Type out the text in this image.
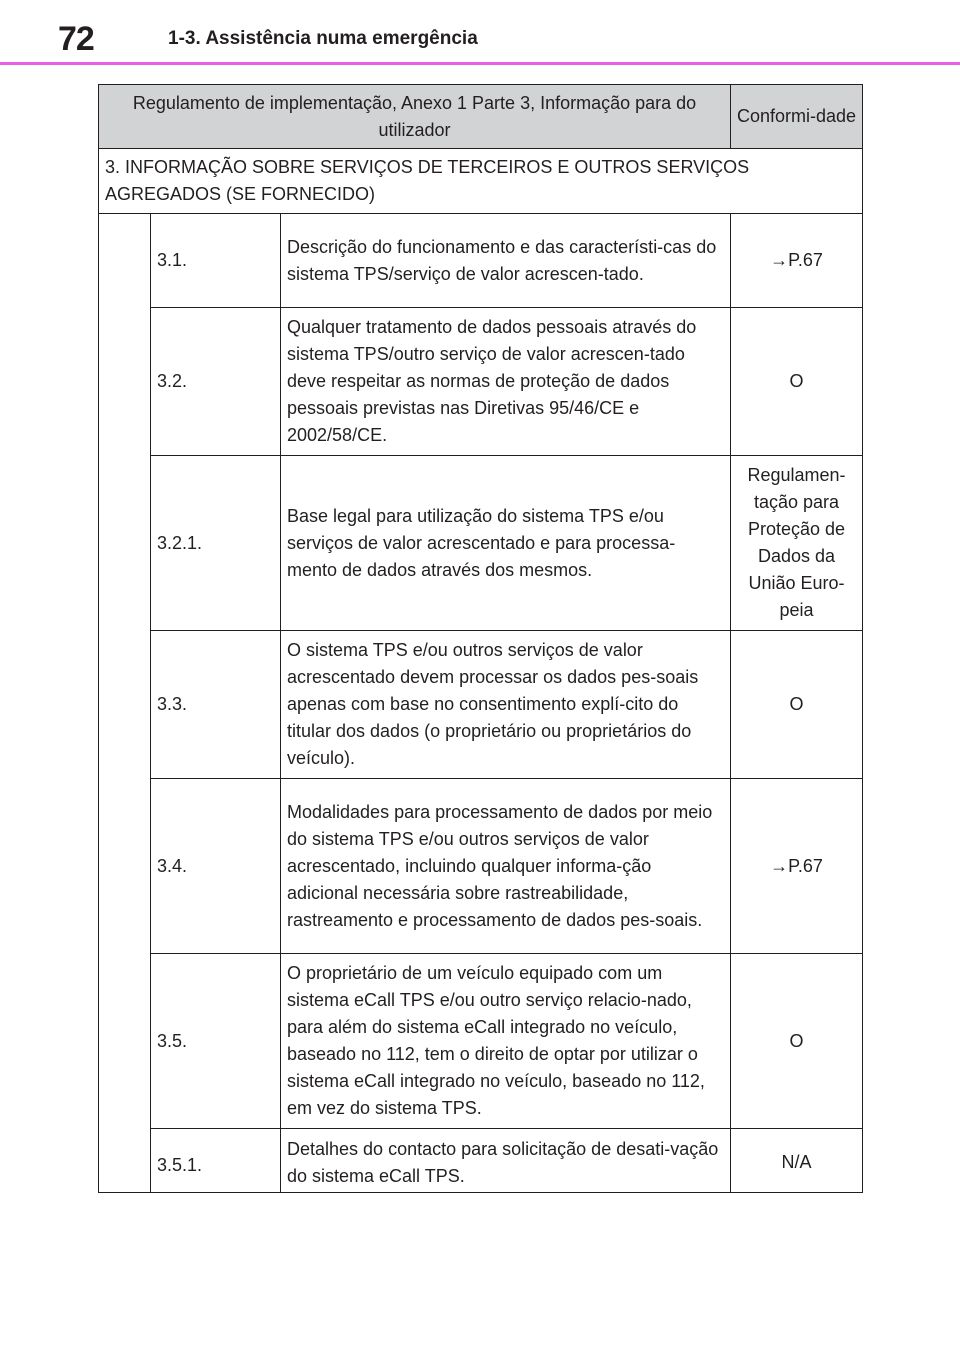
72	1-3. Assistência numa emergência
Regulamento de implementação, Anexo 1 Parte 3, Informação para do utilizador			Conformi-dade
3. INFORMAÇÃO SOBRE SERVIÇOS DE TERCEIROS E OUTROS SERVIÇOS AGREGADOS (SE FORNECIDO)			
	3.1.	Descrição do funcionamento e das característi-cas do sistema TPS/serviço de valor acrescen-tado.	→P.67
	3.2.	Qualquer tratamento de dados pessoais através do sistema TPS/outro serviço de valor acrescen-tado deve respeitar as normas de proteção de dados pessoais previstas nas Diretivas 95/46/CE e 2002/58/CE.	O
	3.2.1.	Base legal para utilização do sistema TPS e/ou serviços de valor acrescentado e para processa-mento de dados através dos mesmos.	Regulamen-tação para Proteção de Dados da União Euro-peia
	3.3.	O sistema TPS e/ou outros serviços de valor acrescentado devem processar os dados pes-soais apenas com base no consentimento explí-cito do titular dos dados (o proprietário ou proprietários do veículo).	O
	3.4.	Modalidades para processamento de dados por meio do sistema TPS e/ou outros serviços de valor acrescentado, incluindo qualquer informa-ção adicional necessária sobre rastreabilidade, rastreamento e processamento de dados pes-soais.	→P.67
	3.5.	O proprietário de um veículo equipado com um sistema eCall TPS e/ou outro serviço relacio-nado, para além do sistema eCall integrado no veículo, baseado no 112, tem o direito de optar por utilizar o sistema eCall integrado no veículo, baseado no 112, em vez do sistema TPS.	O
	3.5.1.	Detalhes do contacto para solicitação de desati-vação do sistema eCall TPS.	N/A
